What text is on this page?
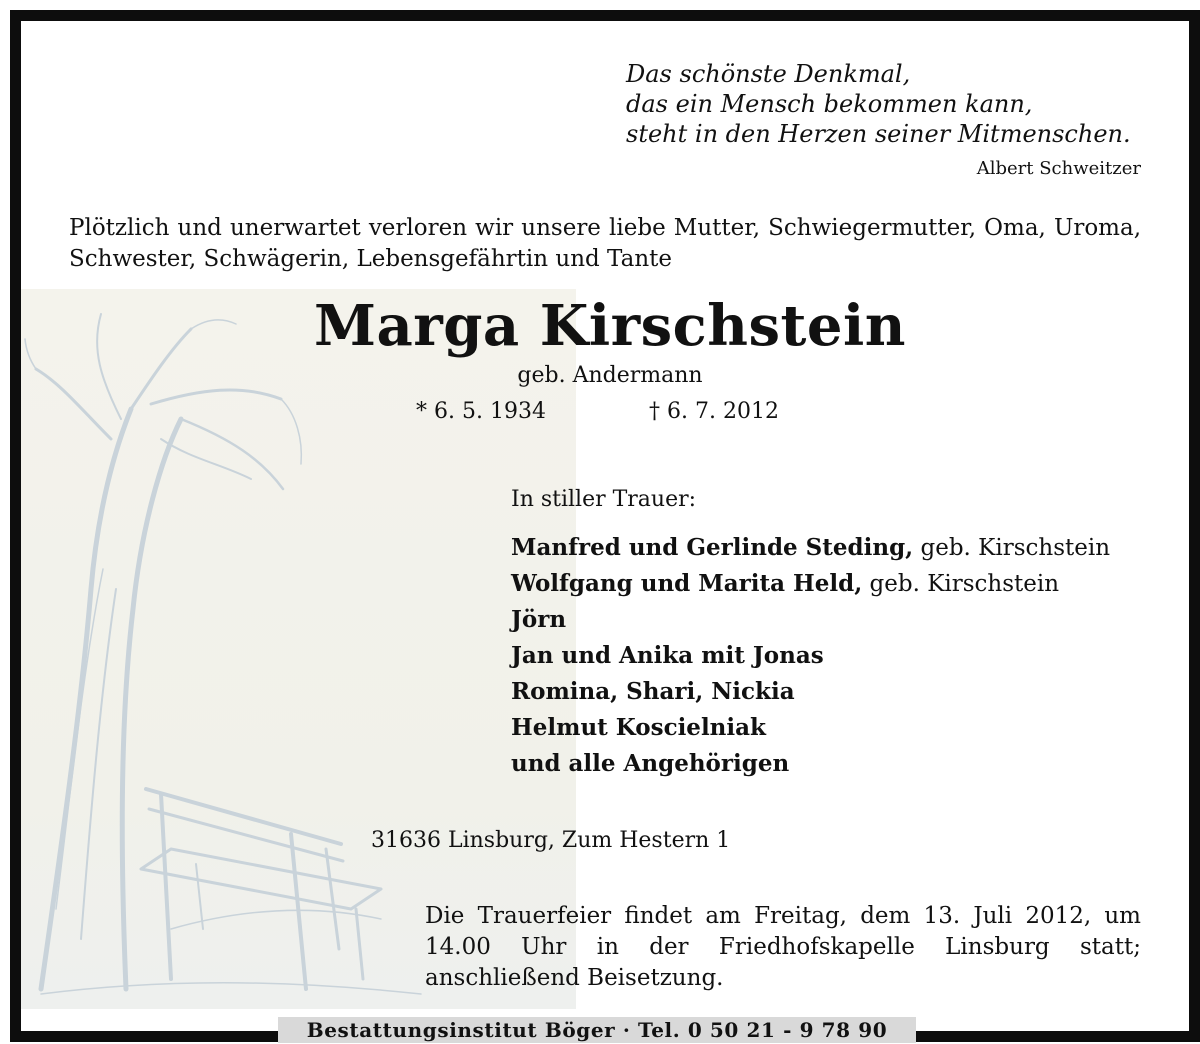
Das schönste Denkmal,
das ein Mensch bekommen kann,
steht in den Herzen seiner Mitmenschen.
Albert Schweitzer
Plötzlich und unerwartet verloren wir unsere liebe Mutter, Schwiegermutter, Oma, Uroma, Schwester, Schwägerin, Lebensgefährtin und Tante
Marga Kirschstein
geb. Andermann
* 6. 5. 1934	† 6. 7. 2012
In stiller Trauer:
Manfred und Gerlinde Steding, geb. Kirschstein
Wolfgang und Marita Held, geb. Kirschstein
Jörn
Jan und Anika mit Jonas
Romina, Shari, Nickia
Helmut Koscielniak
und alle Angehörigen
31636 Linsburg, Zum Hestern 1
Die Trauerfeier findet am Freitag, dem 13. Juli 2012, um 14.00 Uhr in der Friedhofskapelle Linsburg statt; anschließend Beisetzung.
Bestattungsinstitut Böger · Tel. 0 50 21 - 9 78 90
